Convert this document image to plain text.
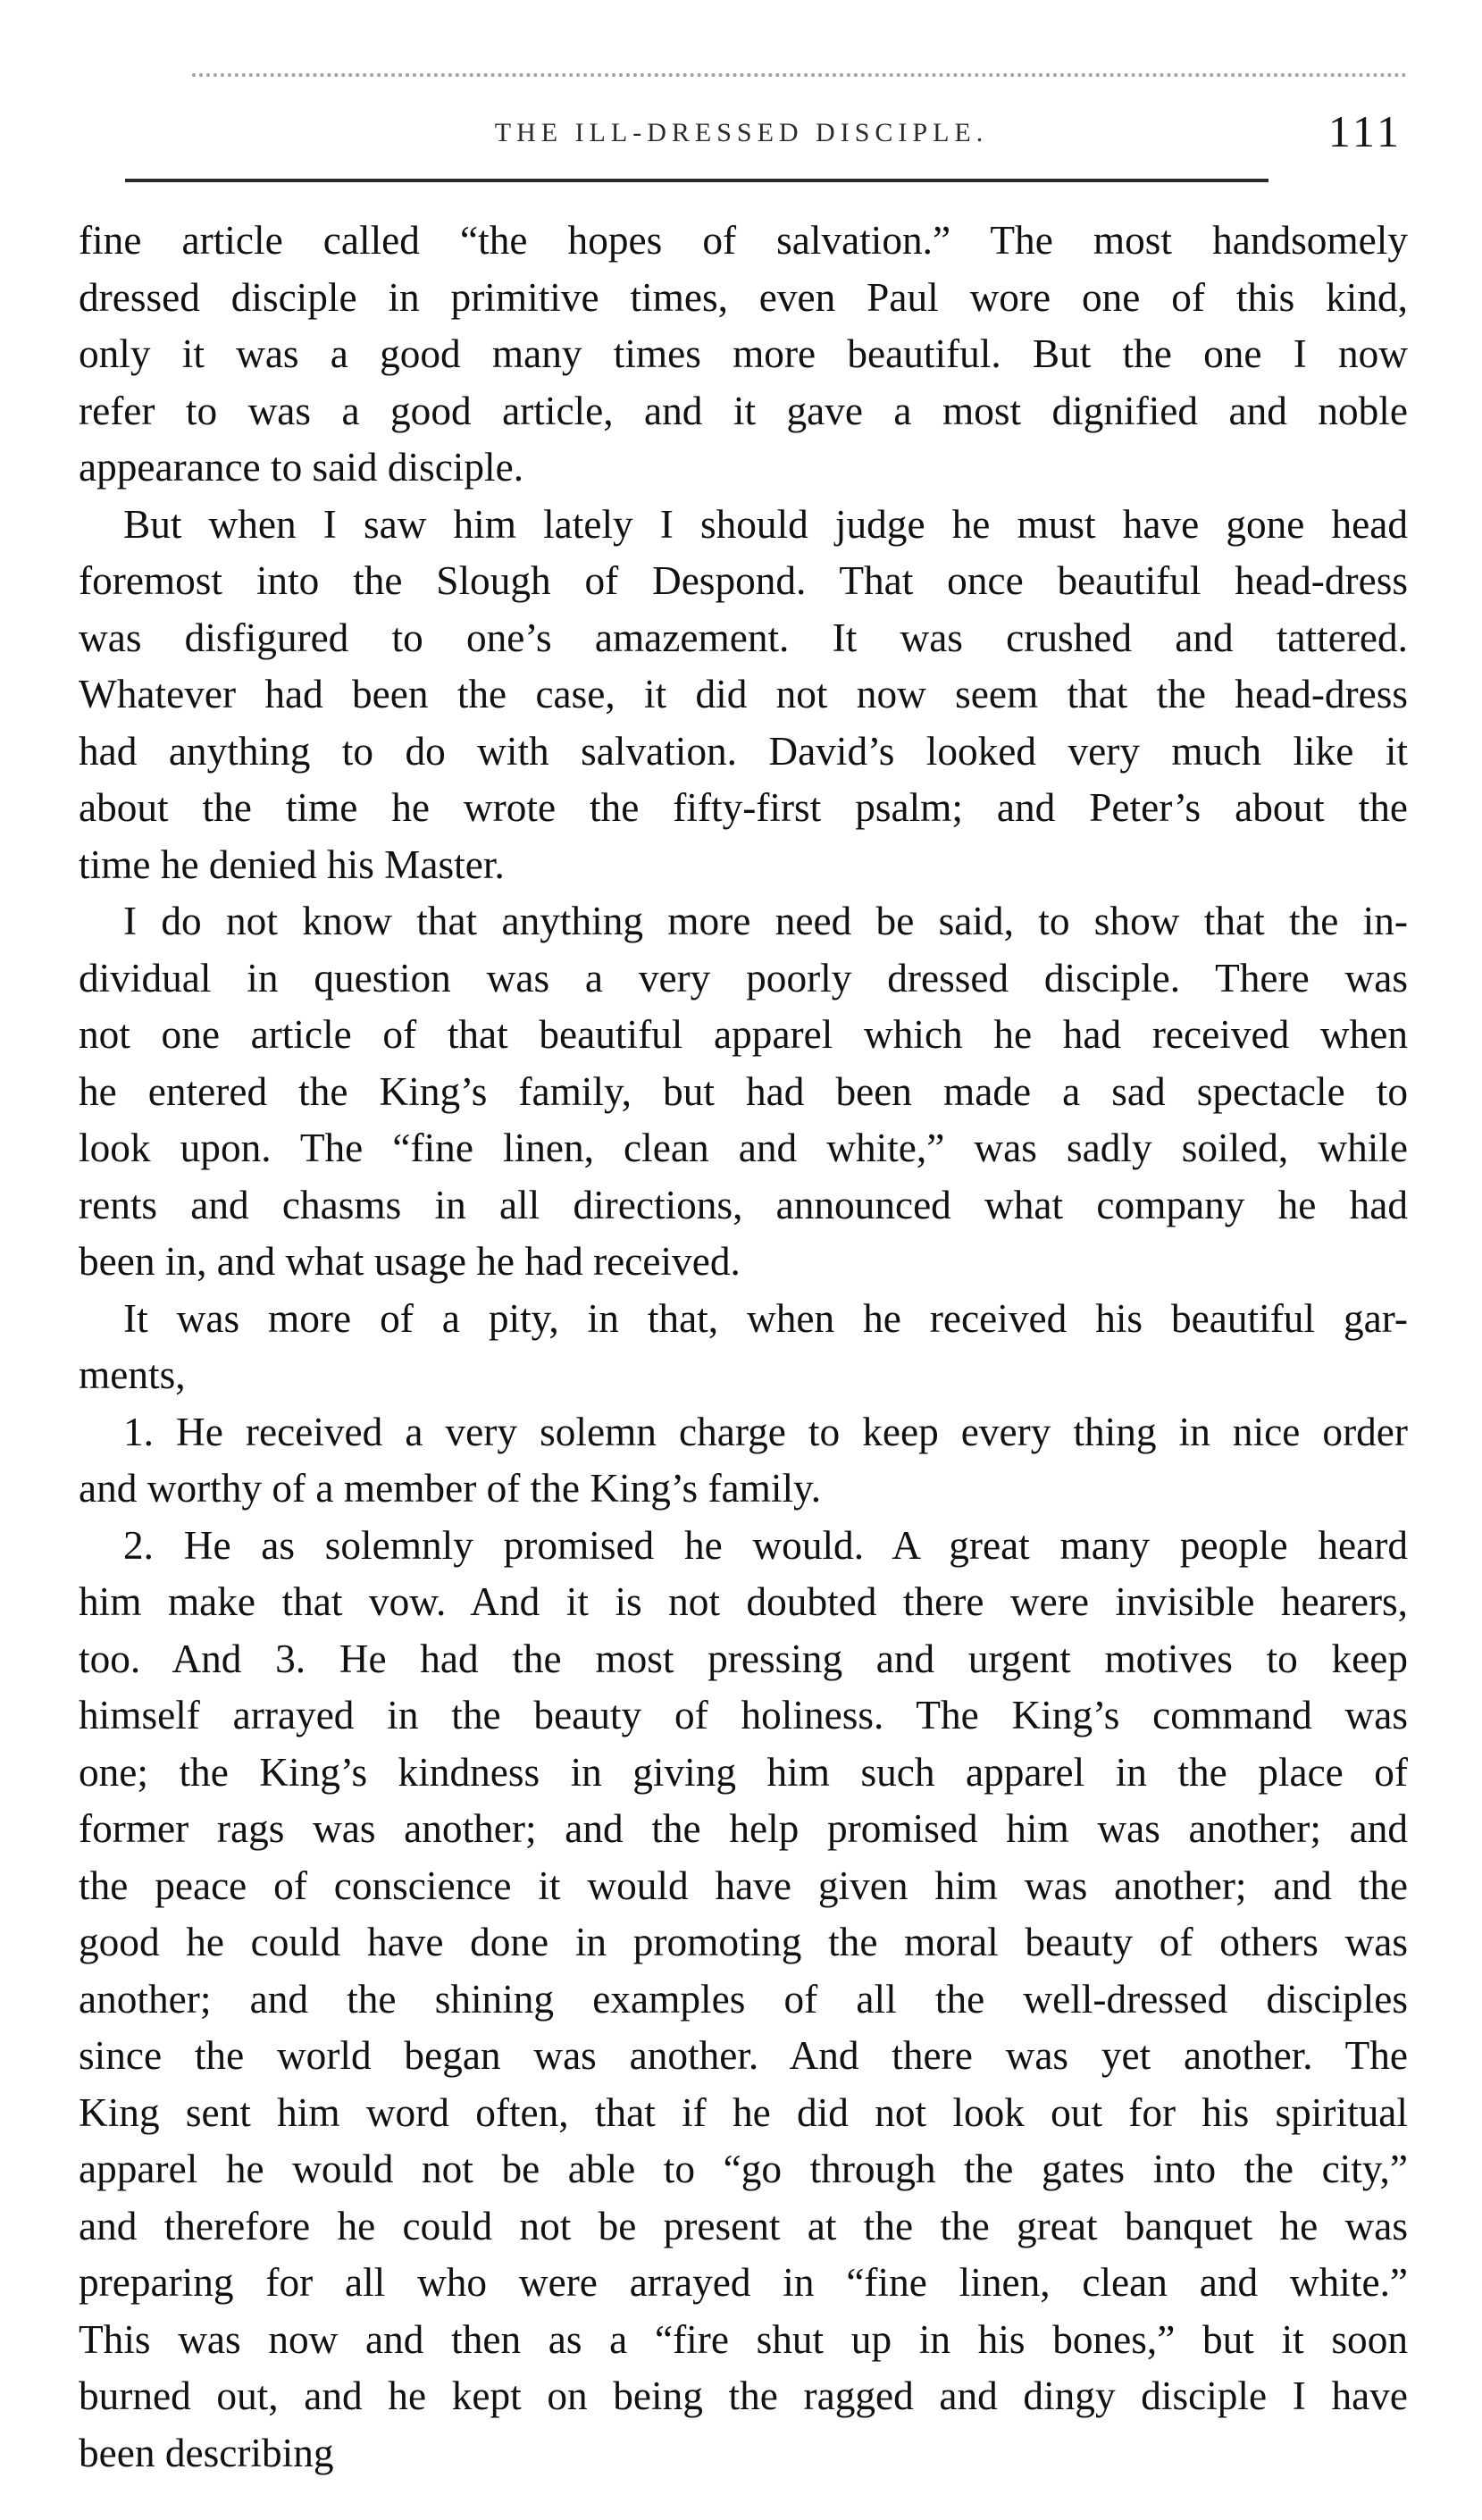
THE ILL-DRESSED DISCIPLE.	111

fine article called “the hopes of salvation.” The most handsomely
dressed disciple in primitive times, even Paul wore one of this kind,
only it was a good many times more beautiful. But the one I now
refer to was a good article, and it gave a most dignified and noble
appearance to said disciple.

But when I saw him lately I should judge he must have gone head
foremost into the Slough of Despond. That once beautiful head-dress
was disfigured to one’s amazement. It was crushed and tattered.
Whatever had been the case, it did not now seem that the head-dress
had anything to do with salvation. David’s looked very much like it
about the time he wrote the fifty-first psalm; and Peter’s about the
time he denied his Master.

I do not know that anything more need be said, to show that the in-
dividual in question was a very poorly dressed disciple. There was
not one article of that beautiful apparel which he had received when
he entered the King’s family, but had been made a sad spectacle to
look upon. The “fine linen, clean and white,” was sadly soiled, while
rents and chasms in all directions, announced what company he had
been in, and what usage he had received.

It was more of a pity, in that, when he received his beautiful gar-
ments,

1. He received a very solemn charge to keep every thing in nice order
and worthy of a member of the King’s family.

2. He as solemnly promised he would. A great many people heard
him make that vow. And it is not doubted there were invisible hearers,
too. And 3. He had the most pressing and urgent motives to keep
himself arrayed in the beauty of holiness. The King’s command was
one; the King’s kindness in giving him such apparel in the place of
former rags was another; and the help promised him was another; and
the peace of conscience it would have given him was another; and the
good he could have done in promoting the moral beauty of others was
another; and the shining examples of all the well-dressed disciples
since the world began was another. And there was yet another. The
King sent him word often, that if he did not look out for his spiritual
apparel he would not be able to “go through the gates into the city,”
and therefore he could not be present at the the great banquet he was
preparing for all who were arrayed in “fine linen, clean and white.”
This was now and then as a “fire shut up in his bones,” but it soon
burned out, and he kept on being the ragged and dingy disciple I have
been describing
